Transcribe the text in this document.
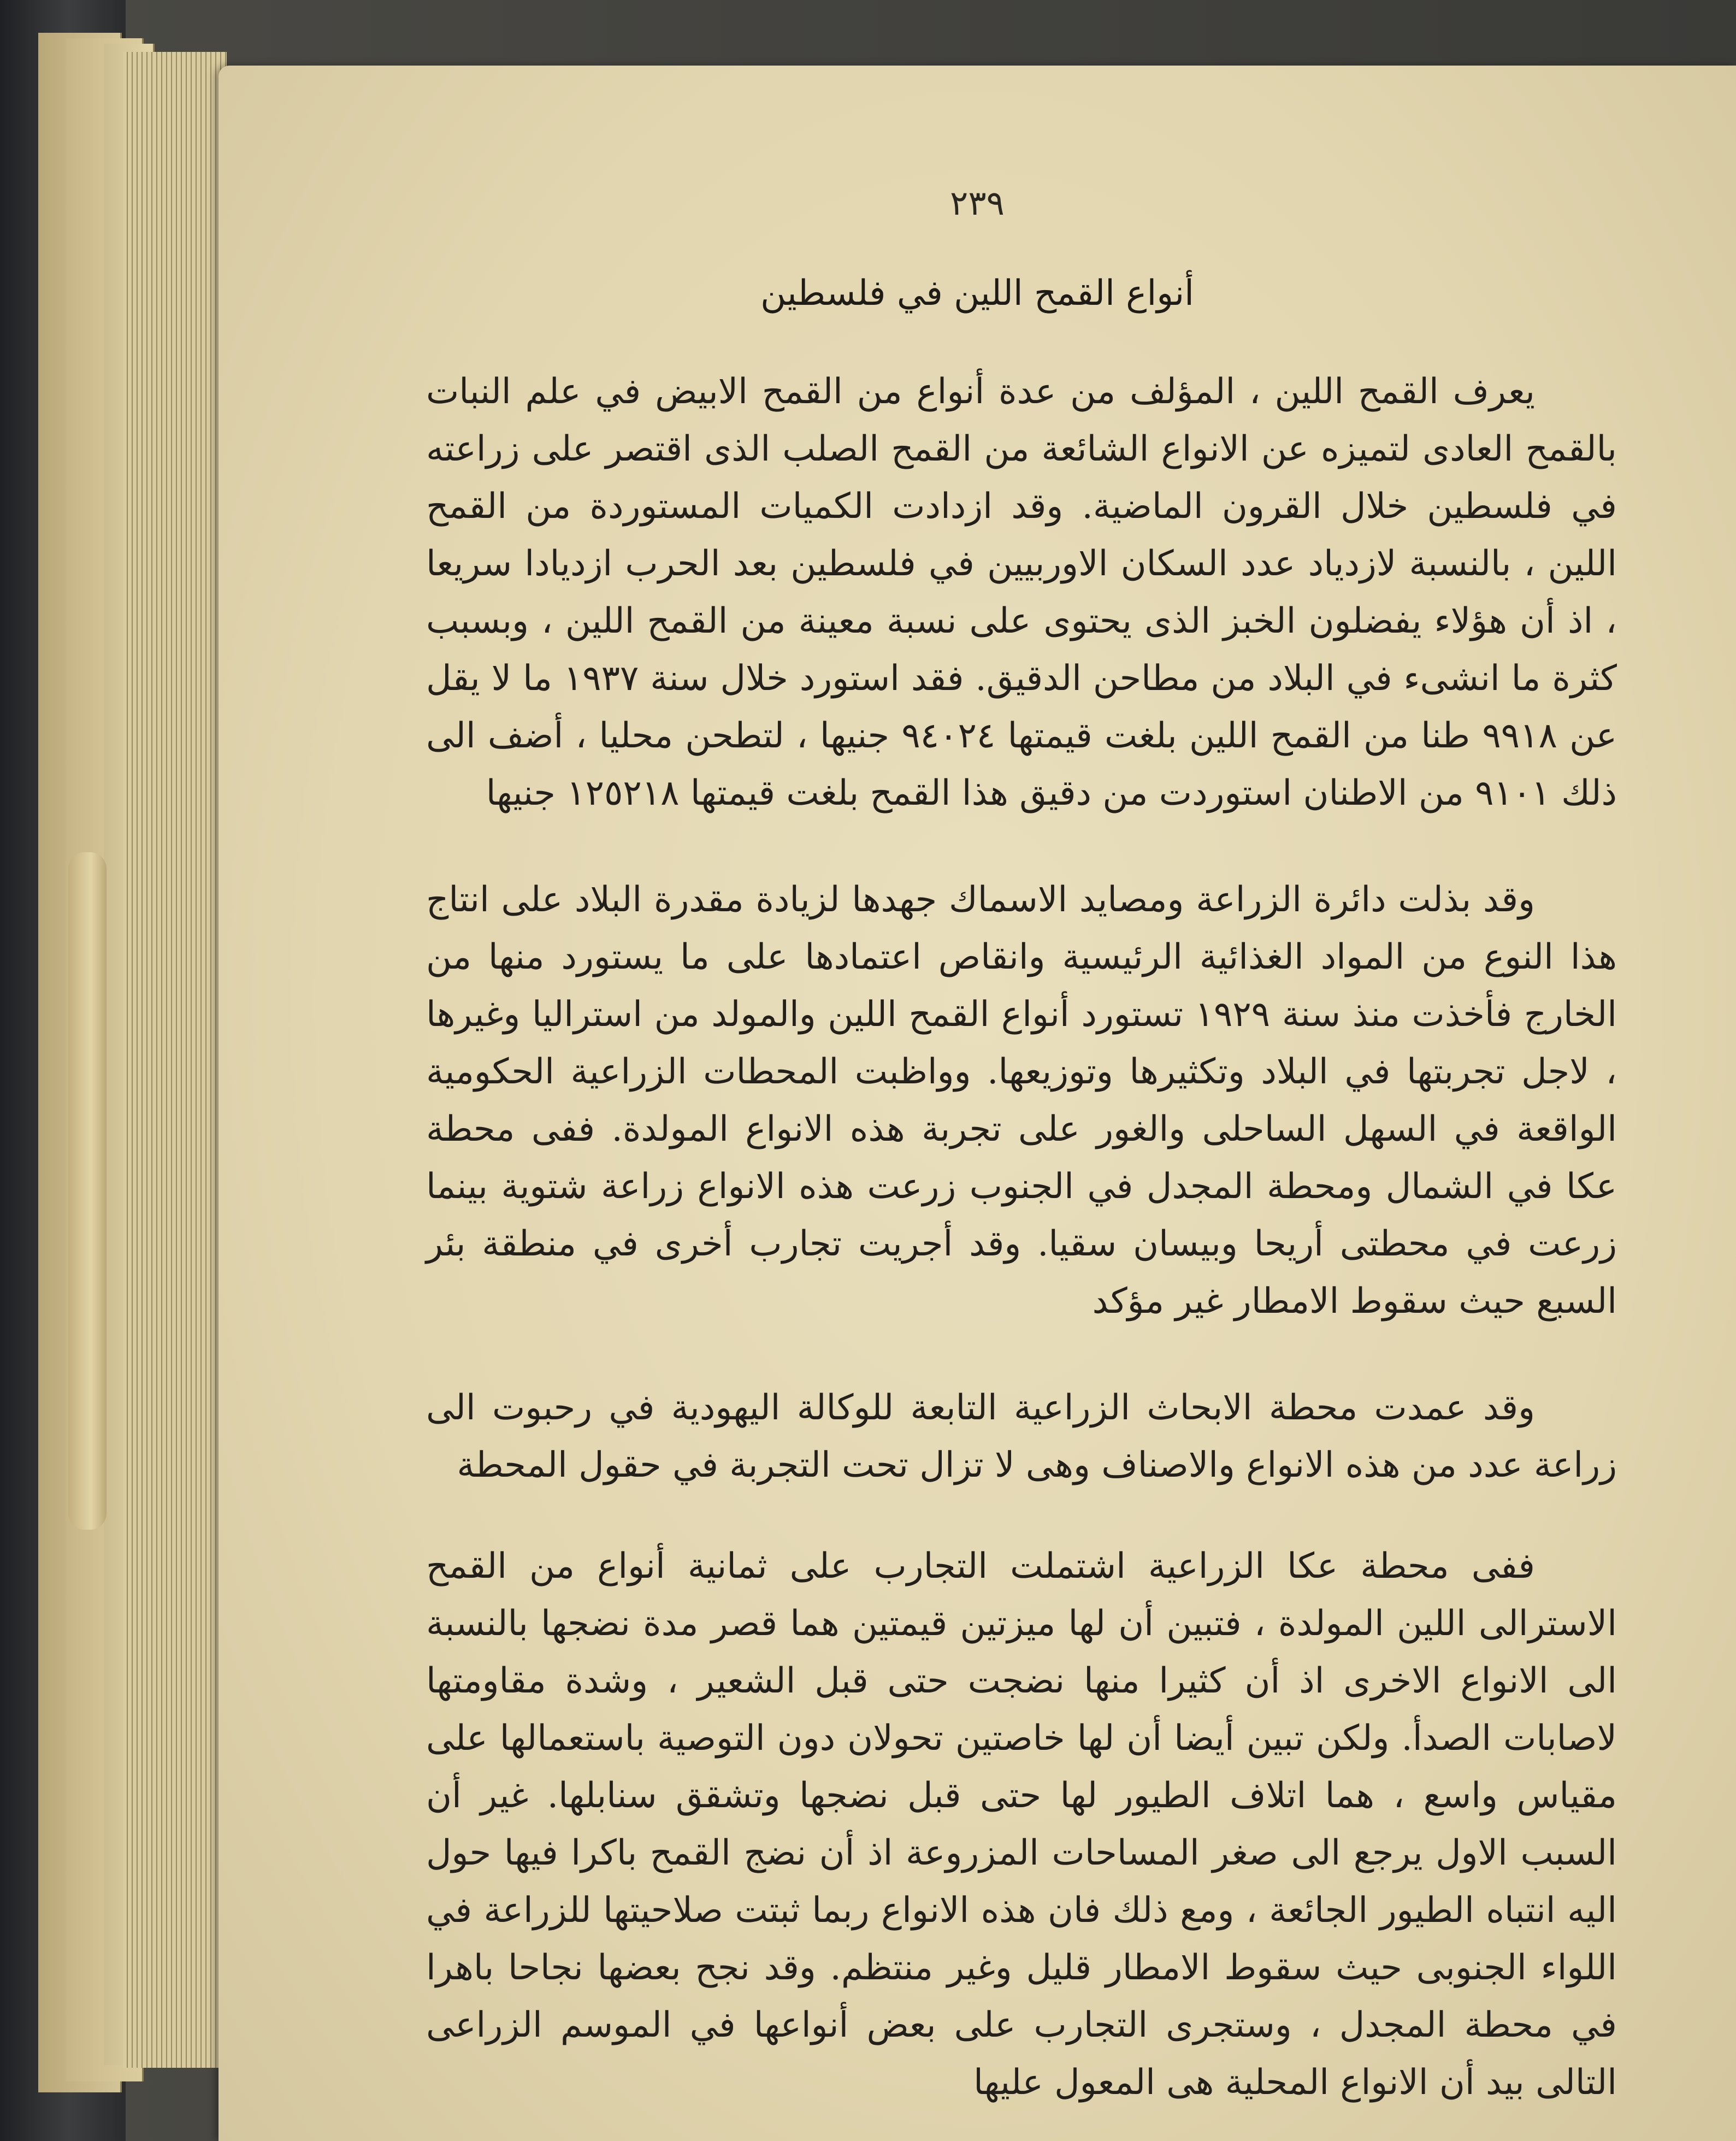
٢٣٩
أنواع القمح اللين في فلسطين

يعرف القمح اللين ، المؤلف من عدة أنواع من القمح الابيض في علم النبات بالقمح العادى لتميزه عن الانواع الشائعة من القمح الصلب الذى اقتصر على زراعته في فلسطين خلال القرون الماضية. وقد ازدادت الكميات المستوردة من القمح اللين ، بالنسبة لازدياد عدد السكان الاوربيين في فلسطين بعد الحرب ازديادا سريعا ، اذ أن هؤلاء يفضلون الخبز الذى يحتوى على نسبة معينة من القمح اللين ، وبسبب كثرة ما انشىء في البلاد من مطاحن الدقيق. فقد استورد خلال سنة ١٩٣٧ ما لا يقل عن ٩٩١٨ طنا من القمح اللين بلغت قيمتها ٩٤٠٢٤ جنيها ، لتطحن محليا ، أضف الى ذلك ٩١٠١ من الاطنان استوردت من دقيق هذا القمح بلغت قيمتها ١٢٥٢١٨ جنيها

وقد بذلت دائرة الزراعة ومصايد الاسماك جهدها لزيادة مقدرة البلاد على انتاج هذا النوع من المواد الغذائية الرئيسية وانقاص اعتمادها على ما يستورد منها من الخارج فأخذت منذ سنة ١٩٢٩ تستورد أنواع القمح اللين والمولد من استراليا وغيرها ، لاجل تجربتها في البلاد وتكثيرها وتوزيعها. وواظبت المحطات الزراعية الحكومية الواقعة في السهل الساحلى والغور على تجربة هذه الانواع المولدة. ففى محطة عكا في الشمال ومحطة المجدل في الجنوب زرعت هذه الانواع زراعة شتوية بينما زرعت في محطتى أريحا وبيسان سقيا. وقد أجريت تجارب أخرى في منطقة بئر السبع حيث سقوط الامطار غير مؤكد

وقد عمدت محطة الابحاث الزراعية التابعة للوكالة اليهودية في رحبوت الى زراعة عدد من هذه الانواع والاصناف وهى لا تزال تحت التجربة في حقول المحطة

ففى محطة عكا الزراعية اشتملت التجارب على ثمانية أنواع من القمح الاسترالى اللين المولدة ، فتبين أن لها ميزتين قيمتين هما قصر مدة نضجها بالنسبة الى الانواع الاخرى اذ أن كثيرا منها نضجت حتى قبل الشعير ، وشدة مقاومتها لاصابات الصدأ. ولكن تبين أيضا أن لها خاصتين تحولان دون التوصية باستعمالها على مقياس واسع ، هما اتلاف الطيور لها حتى قبل نضجها وتشقق سنابلها. غير أن السبب الاول يرجع الى صغر المساحات المزروعة اذ أن نضج القمح باكرا فيها حول اليه انتباه الطيور الجائعة ، ومع ذلك فان هذه الانواع ربما ثبتت صلاحيتها للزراعة في اللواء الجنوبى حيث سقوط الامطار قليل وغير منتظم. وقد نجح بعضها نجاحا باهرا في محطة المجدل ، وستجرى التجارب على بعض أنواعها في الموسم الزراعى التالى بيد أن الانواع المحلية هى المعول عليها
